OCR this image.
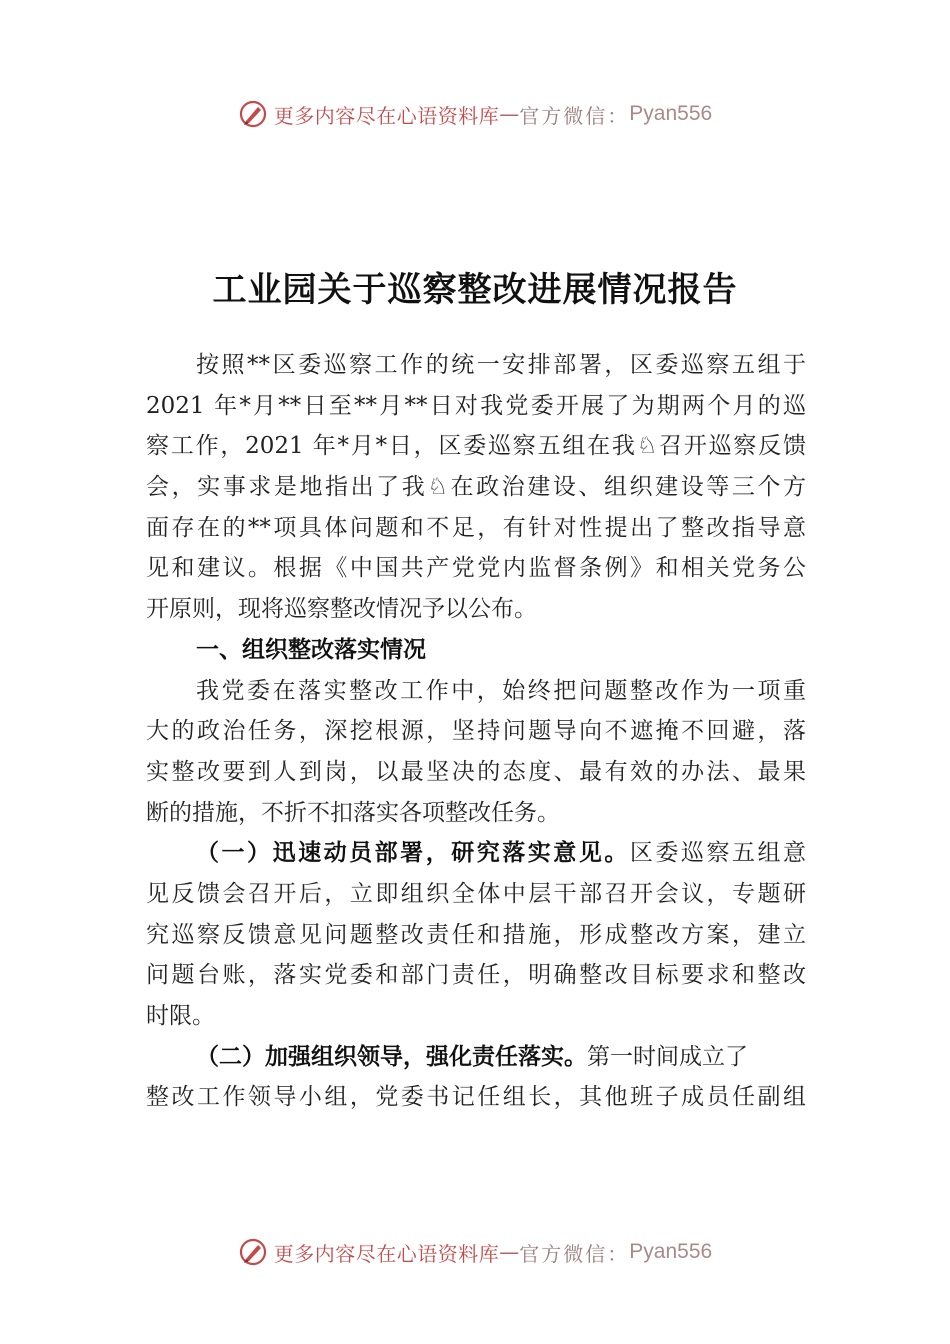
更多内容尽在心语资料库 — 官方微信： Pyan556
工业园关于巡察整改进展情况报告
按照**区委巡察工作的统一安排部署，区委巡察五组于
2021 年*月**日至**月**日对我党委开展了为期两个月的巡
察工作，2021 年*月*日，区委巡察五组在我♘召开巡察反馈
会，实事求是地指出了我♘在政治建设、组织建设等三个方
面存在的**项具体问题和不足，有针对性提出了整改指导意
见和建议。根据《中国共产党党内监督条例》和相关党务公
开原则，现将巡察整改情况予以公布。
一、组织整改落实情况
我党委在落实整改工作中，始终把问题整改作为一项重
大的政治任务，深挖根源，坚持问题导向不遮掩不回避，落
实整改要到人到岗，以最坚决的态度、最有效的办法、最果
断的措施，不折不扣落实各项整改任务。
（一）迅速动员部署，研究落实意见。区委巡察五组意
见反馈会召开后，立即组织全体中层干部召开会议，专题研
究巡察反馈意见问题整改责任和措施，形成整改方案，建立
问题台账，落实党委和部门责任，明确整改目标要求和整改
时限。
（二）加强组织领导，强化责任落实。第一时间成立了
整改工作领导小组，党委书记任组长，其他班子成员任副组
更多内容尽在心语资料库 — 官方微信： Pyan556
